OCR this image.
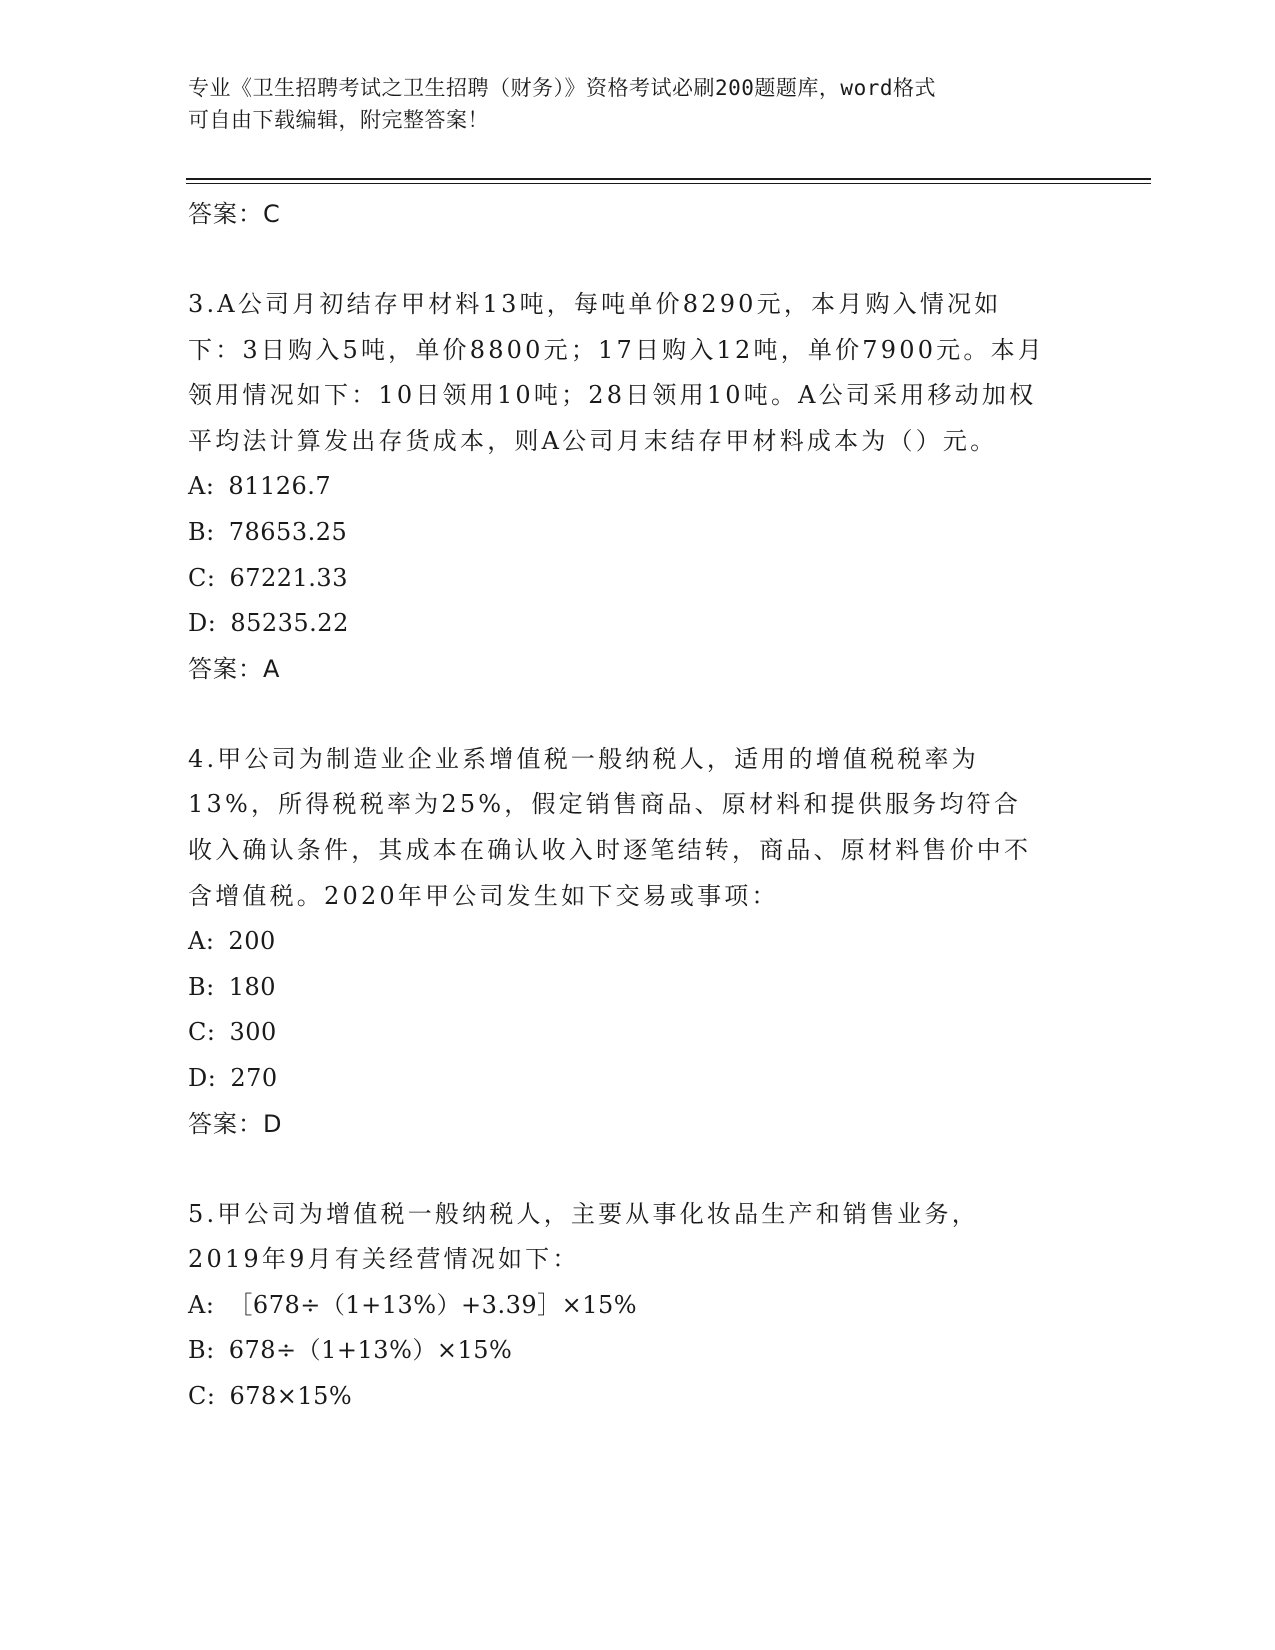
专业《卫生招聘考试之卫生招聘（财务）》资格考试必刷200题题库，word格式
可自由下载编辑，附完整答案！
答案：C

3.A公司月初结存甲材料13吨，每吨单价8290元，本月购入情况如下：3日购入5吨，单价8800元；17日购入12吨，单价7900元。本月领用情况如下：10日领用10吨；28日领用10吨。A公司采用移动加权平均法计算发出存货成本，则A公司月末结存甲材料成本为（）元。

A: 81126.7
B: 78653.25
C: 67221.33
D: 85235.22
答案：A

4.甲公司为制造业企业系增值税一般纳税人，适用的增值税税率为13%，所得税税率为25%，假定销售商品、原材料和提供服务均符合收入确认条件，其成本在确认收入时逐笔结转，商品、原材料售价中不含增值税。2020年甲公司发生如下交易或事项：

A: 200
B: 180
C: 300
D: 270
答案：D

5.甲公司为增值税一般纳税人，主要从事化妆品生产和销售业务，2019年9月有关经营情况如下：

A: ［678÷（1+13%）+3.39］×15%
B: 678÷（1+13%）×15%
C: 678×15%
